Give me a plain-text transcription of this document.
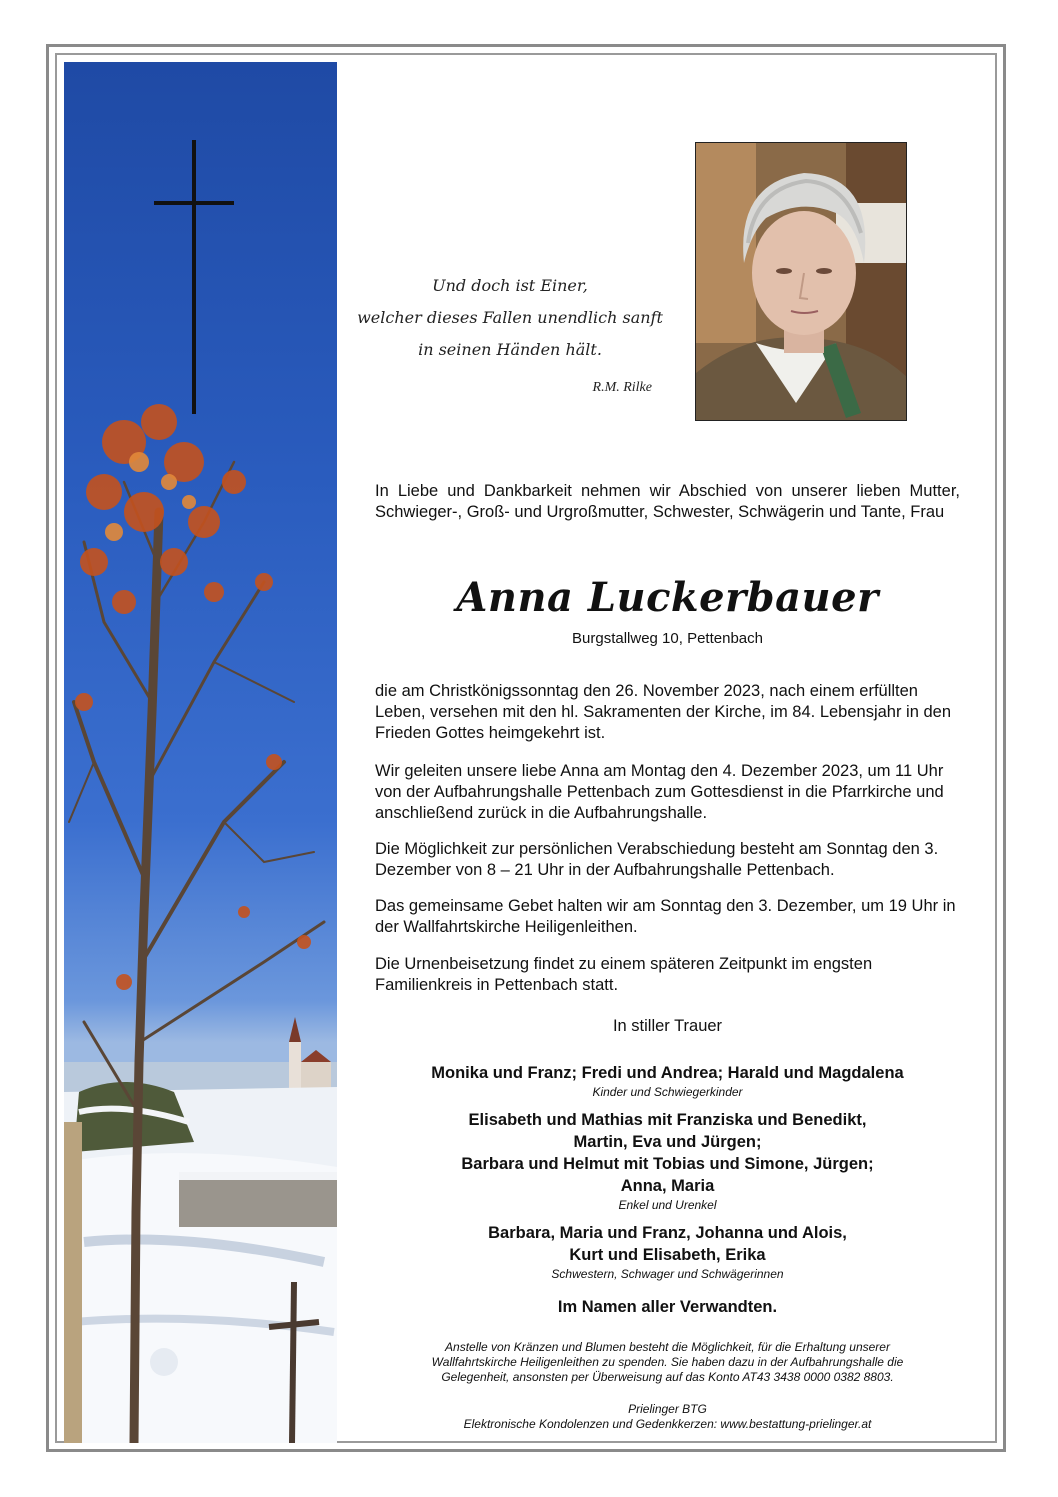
Und doch ist Einer,
welcher dieses Fallen unendlich sanft
in seinen Händen hält.
R.M. Rilke
In Liebe und Dankbarkeit nehmen wir Abschied von unserer lieben Mutter, Schwieger-, Groß- und Urgroßmutter, Schwester, Schwägerin und Tante, Frau
Anna Luckerbauer
Burgstallweg 10, Pettenbach
die am Christkönigssonntag den 26. November 2023, nach einem erfüllten Leben, versehen mit den hl. Sakramenten der Kirche, im 84. Lebensjahr in den Frieden Gottes heimgekehrt ist.
Wir geleiten unsere liebe Anna am Montag den 4. Dezember 2023, um 11 Uhr von der Aufbahrungshalle Pettenbach zum Gottesdienst in die Pfarrkirche und anschließend zurück in die Aufbahrungshalle.
Die Möglichkeit zur persönlichen Verabschiedung besteht am Sonntag den 3. Dezember von 8 – 21 Uhr in der Aufbahrungshalle Pettenbach.
Das gemeinsame Gebet halten wir am Sonntag den 3. Dezember, um 19 Uhr in der Wallfahrtskirche Heiligenleithen.
Die Urnenbeisetzung findet zu einem späteren Zeitpunkt im engsten Familienkreis in Pettenbach statt.
In stiller Trauer
Monika und Franz; Fredi und Andrea; Harald und Magdalena
Kinder und Schwiegerkinder
Elisabeth und Mathias mit Franziska und Benedikt,
Martin, Eva und Jürgen;
Barbara und Helmut mit Tobias und Simone, Jürgen;
Anna, Maria
Enkel und Urenkel
Barbara, Maria und Franz, Johanna und Alois,
Kurt und Elisabeth, Erika
Schwestern, Schwager und Schwägerinnen
Im Namen aller Verwandten.
Anstelle von Kränzen und Blumen besteht die Möglichkeit, für die Erhaltung unserer
Wallfahrtskirche Heiligenleithen zu spenden. Sie haben dazu in der Aufbahrungshalle die
Gelegenheit, ansonsten per Überweisung auf das Konto AT43 3438 0000 0382 8803.
Prielinger BTG
Elektronische Kondolenzen und Gedenkkerzen: www.bestattung-prielinger.at
